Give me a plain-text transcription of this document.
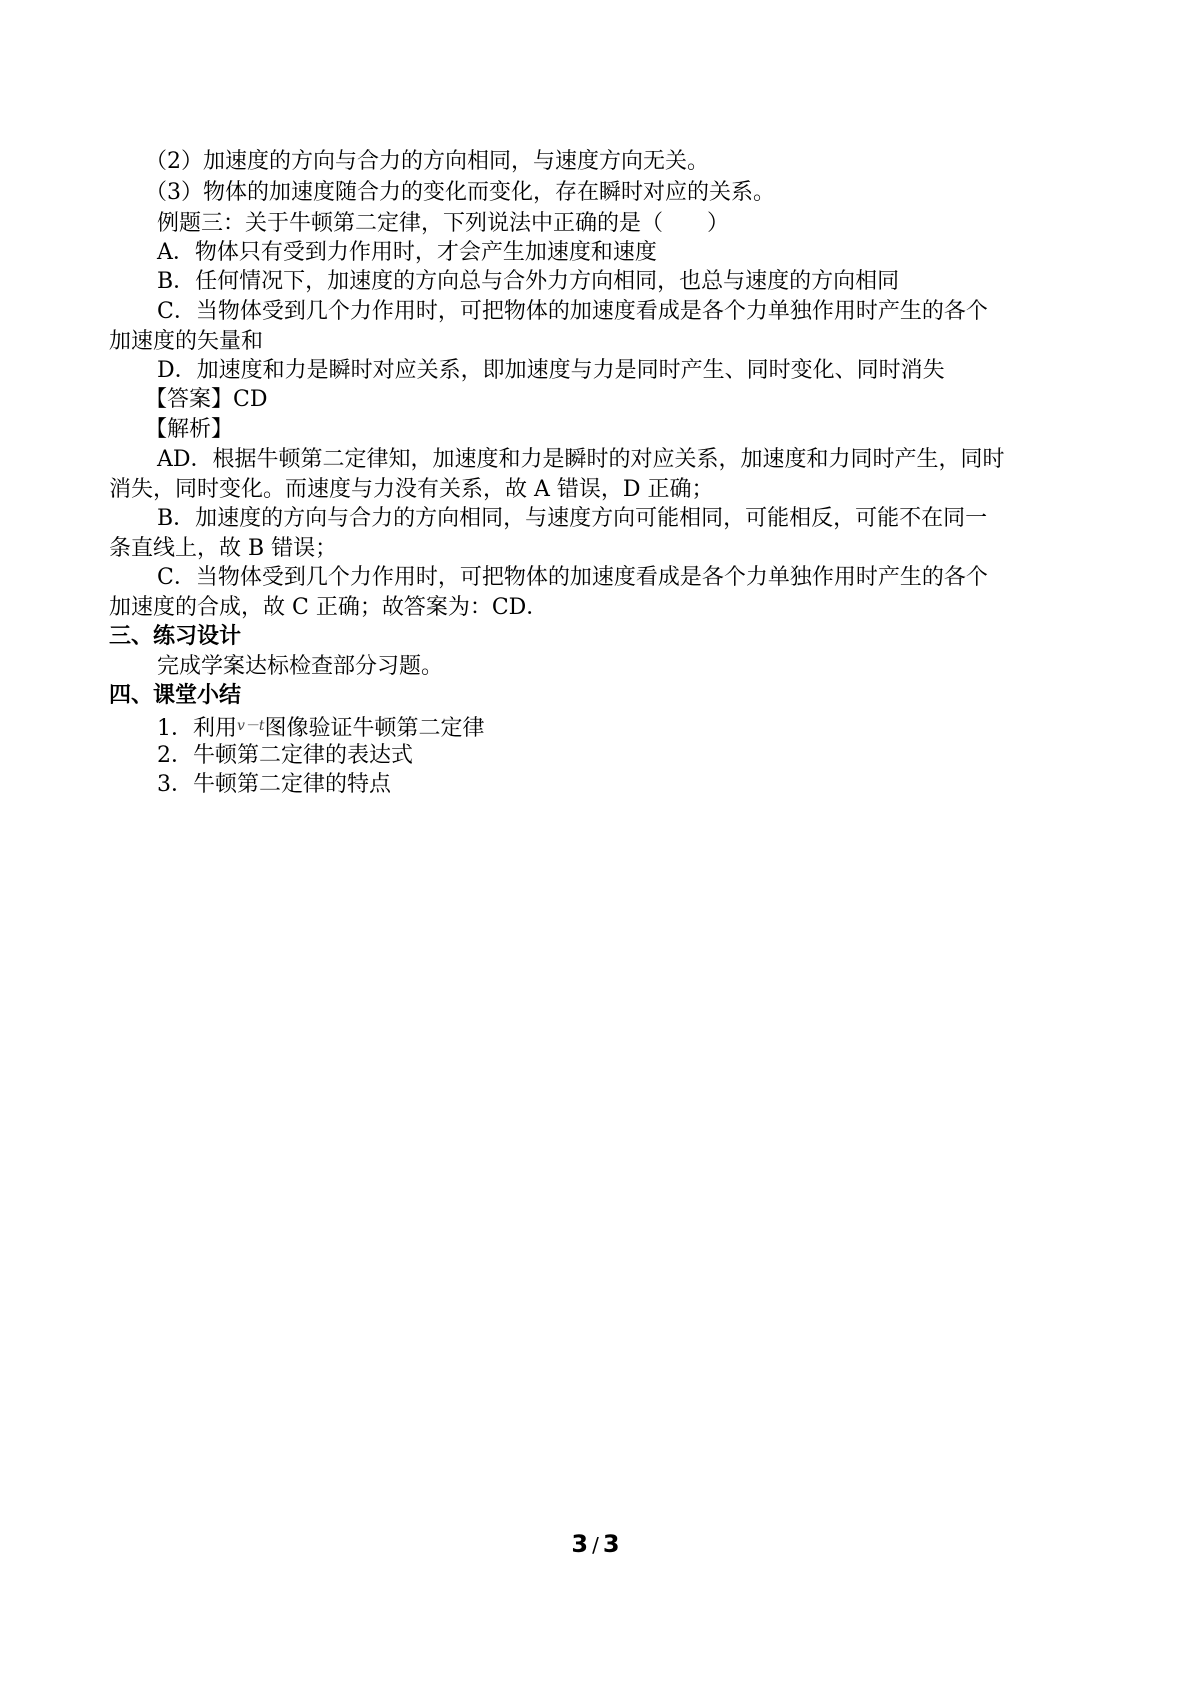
（2）加速度的方向与合力的方向相同，与速度方向无关。
（3）物体的加速度随合力的变化而变化，存在瞬时对应的关系。
例题三：关于牛顿第二定律，下列说法中正确的是（　　）
A．物体只有受到力作用时，才会产生加速度和速度
B．任何情况下，加速度的方向总与合外力方向相同，也总与速度的方向相同
C．当物体受到几个力作用时，可把物体的加速度看成是各个力单独作用时产生的各个
加速度的矢量和
D．加速度和力是瞬时对应关系，即加速度与力是同时产生、同时变化、同时消失
【答案】CD
【解析】
AD．根据牛顿第二定律知，加速度和力是瞬时的对应关系，加速度和力同时产生，同时
消失，同时变化。而速度与力没有关系，故 A 错误，D 正确；
B．加速度的方向与合力的方向相同，与速度方向可能相同，可能相反，可能不在同一
条直线上，故 B 错误；
C．当物体受到几个力作用时，可把物体的加速度看成是各个力单独作用时产生的各个
加速度的合成，故 C 正确；故答案为：CD．
三、练习设计
完成学案达标检查部分习题。
四、课堂小结
1．利用$^{v-t}$图像验证牛顿第二定律
2．牛顿第二定律的表达式
3．牛顿第二定律的特点
3 / 3
